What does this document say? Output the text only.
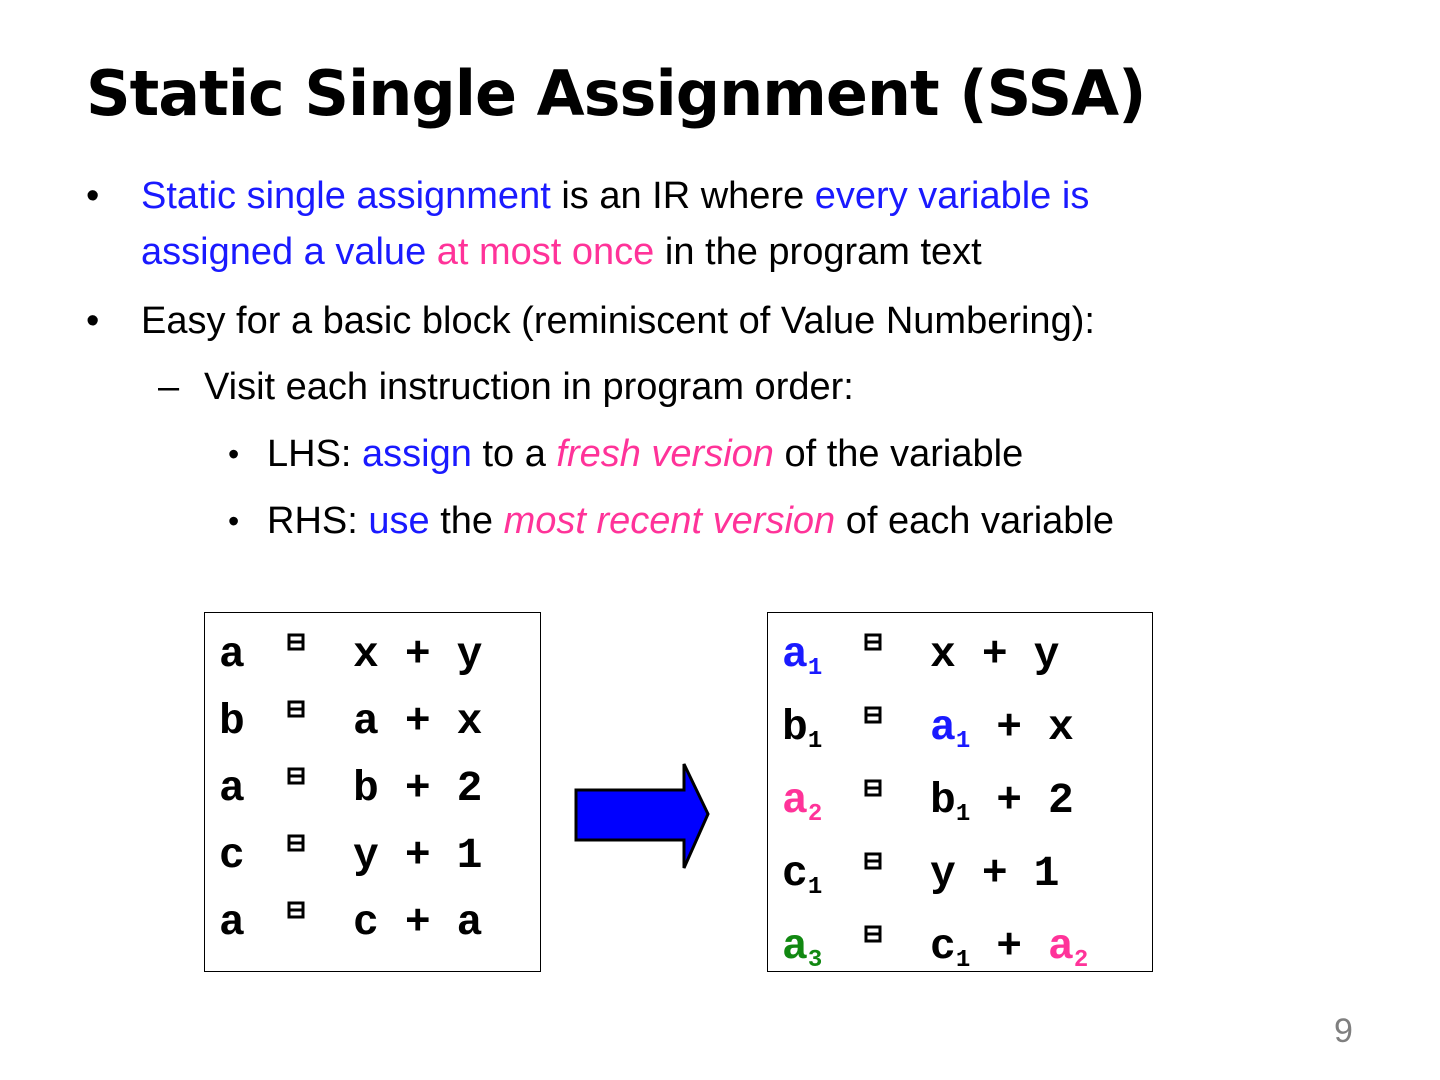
Static Single Assignment (SSA)
• Static single assignment is an IR where every variable is
assigned a value at most once in the program text
• Easy for a basic block (reminiscent of Value Numbering):
– Visit each instruction in program order:
• LHS: assign to a fresh version of the variable
• RHS: use the most recent version of each variable
a	x + y
b	a + x
a	b + 2
c	y + 1
a	c + a
a1	x + y
b1	a1 + x
a2	b1 + 2
c1	y + 1
a3	c1 + a2
9
